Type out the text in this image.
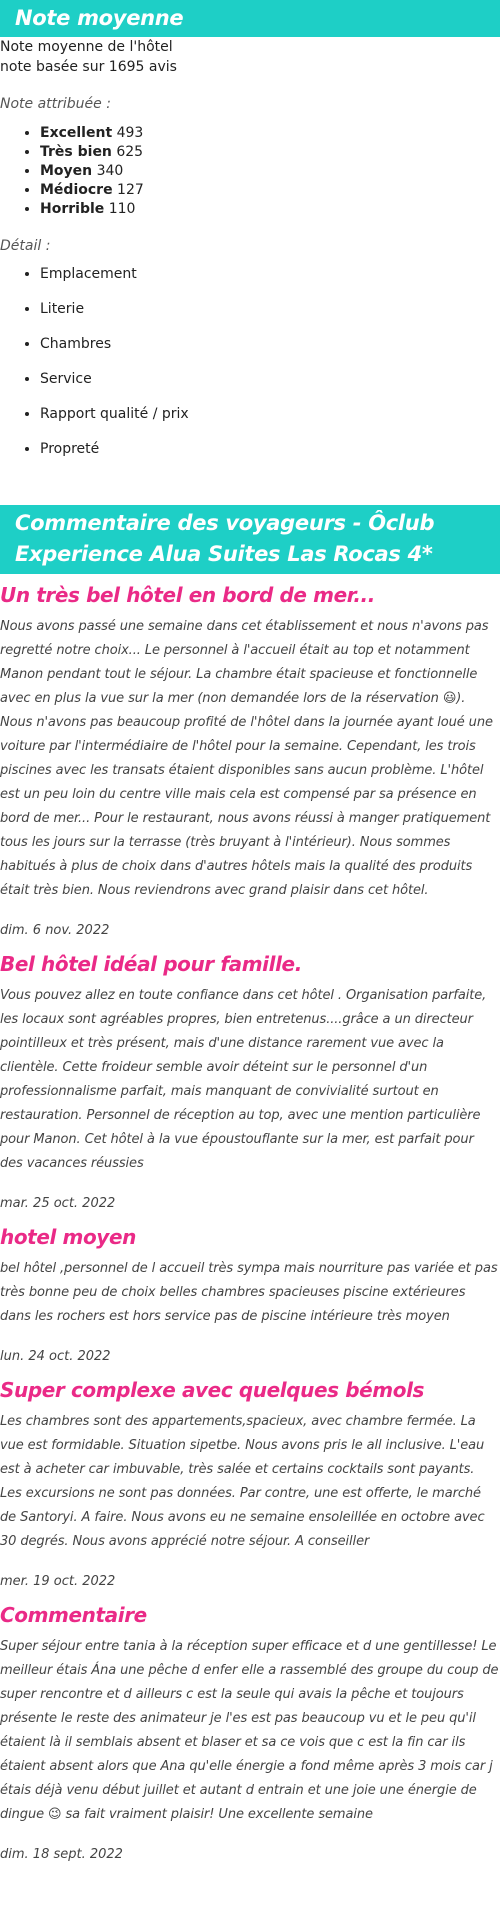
Note moyenne

Note moyenne de l'hôtel

note basée sur 1695 avis

Note attribuée :

• Excellent 493
• Très bien 625
• Moyen 340
• Médiocre 127
• Horrible 110

Détail :

• Emplacement
• Literie
• Chambres
• Service
• Rapport qualité / prix
• Propreté
Commentaire des voyageurs - Ôclub Experience Alua Suites Las Rocas 4*
Un très bel hôtel en bord de mer...

Nous avons passé une semaine dans cet établissement et nous n'avons pas regretté notre choix... Le personnel à l'accueil était au top et notamment Manon pendant tout le séjour. La chambre était spacieuse et fonctionnelle avec en plus la vue sur la mer (non demandée lors de la réservation 😃). Nous n'avons pas beaucoup profité de l'hôtel dans la journée ayant loué une voiture par l'intermédiaire de l'hôtel pour la semaine. Cependant, les trois piscines avec les transats étaient disponibles sans aucun problème. L'hôtel est un peu loin du centre ville mais cela est compensé par sa présence en bord de mer... Pour le restaurant, nous avons réussi à manger pratiquement tous les jours sur la terrasse (très bruyant à l'intérieur). Nous sommes habitués à plus de choix dans d'autres hôtels mais la qualité des produits était très bien. Nous reviendrons avec grand plaisir dans cet hôtel.

dim. 6 nov. 2022

Bel hôtel idéal pour famille.

Vous pouvez allez en toute confiance dans cet hôtel . Organisation parfaite, les locaux sont agréables propres, bien entretenus....grâce a un directeur pointilleux et très présent, mais d'une distance rarement vue avec la clientèle. Cette froideur semble avoir déteint sur le personnel d'un professionnalisme parfait, mais manquant de convivialité surtout en restauration. Personnel de réception au top, avec une mention particulière pour Manon. Cet hôtel à la vue époustouflante sur la mer, est parfait pour des vacances réussies

mar. 25 oct. 2022

hotel moyen

bel hôtel ,personnel de l accueil très sympa mais nourriture pas variée et pas très bonne peu de choix belles chambres spacieuses piscine extérieures dans les rochers est hors service pas de piscine intérieure très moyen

lun. 24 oct. 2022

Super complexe avec quelques bémols

Les chambres sont des appartements,spacieux, avec chambre fermée. La vue est formidable. Situation sipetbe. Nous avons pris le all inclusive. L'eau est à acheter car imbuvable, très salée et certains cocktails sont payants. Les excursions ne sont pas données. Par contre, une est offerte, le marché de Santoryi. A faire. Nous avons eu ne semaine ensoleillée en octobre avec 30 degrés. Nous avons apprécié notre séjour. A conseiller

mer. 19 oct. 2022

Commentaire

Super séjour entre tania à la réception super efficace et d une gentillesse! Le meilleur étais Ána une pêche d enfer elle a rassemblé des groupe du coup de super rencontre et d ailleurs c est la seule qui avais la pêche et toujours présente le reste des animateur je l'es est pas beaucoup vu et le peu qu'il étaient là il semblais absent et blaser et sa ce vois que c est la fin car ils étaient absent alors que Ana qu'elle énergie a fond même après 3 mois car j étais déjà venu début juillet et autant d entrain et une joie une énergie de dingue 😉 sa fait vraiment plaisir! Une excellente semaine

dim. 18 sept. 2022
